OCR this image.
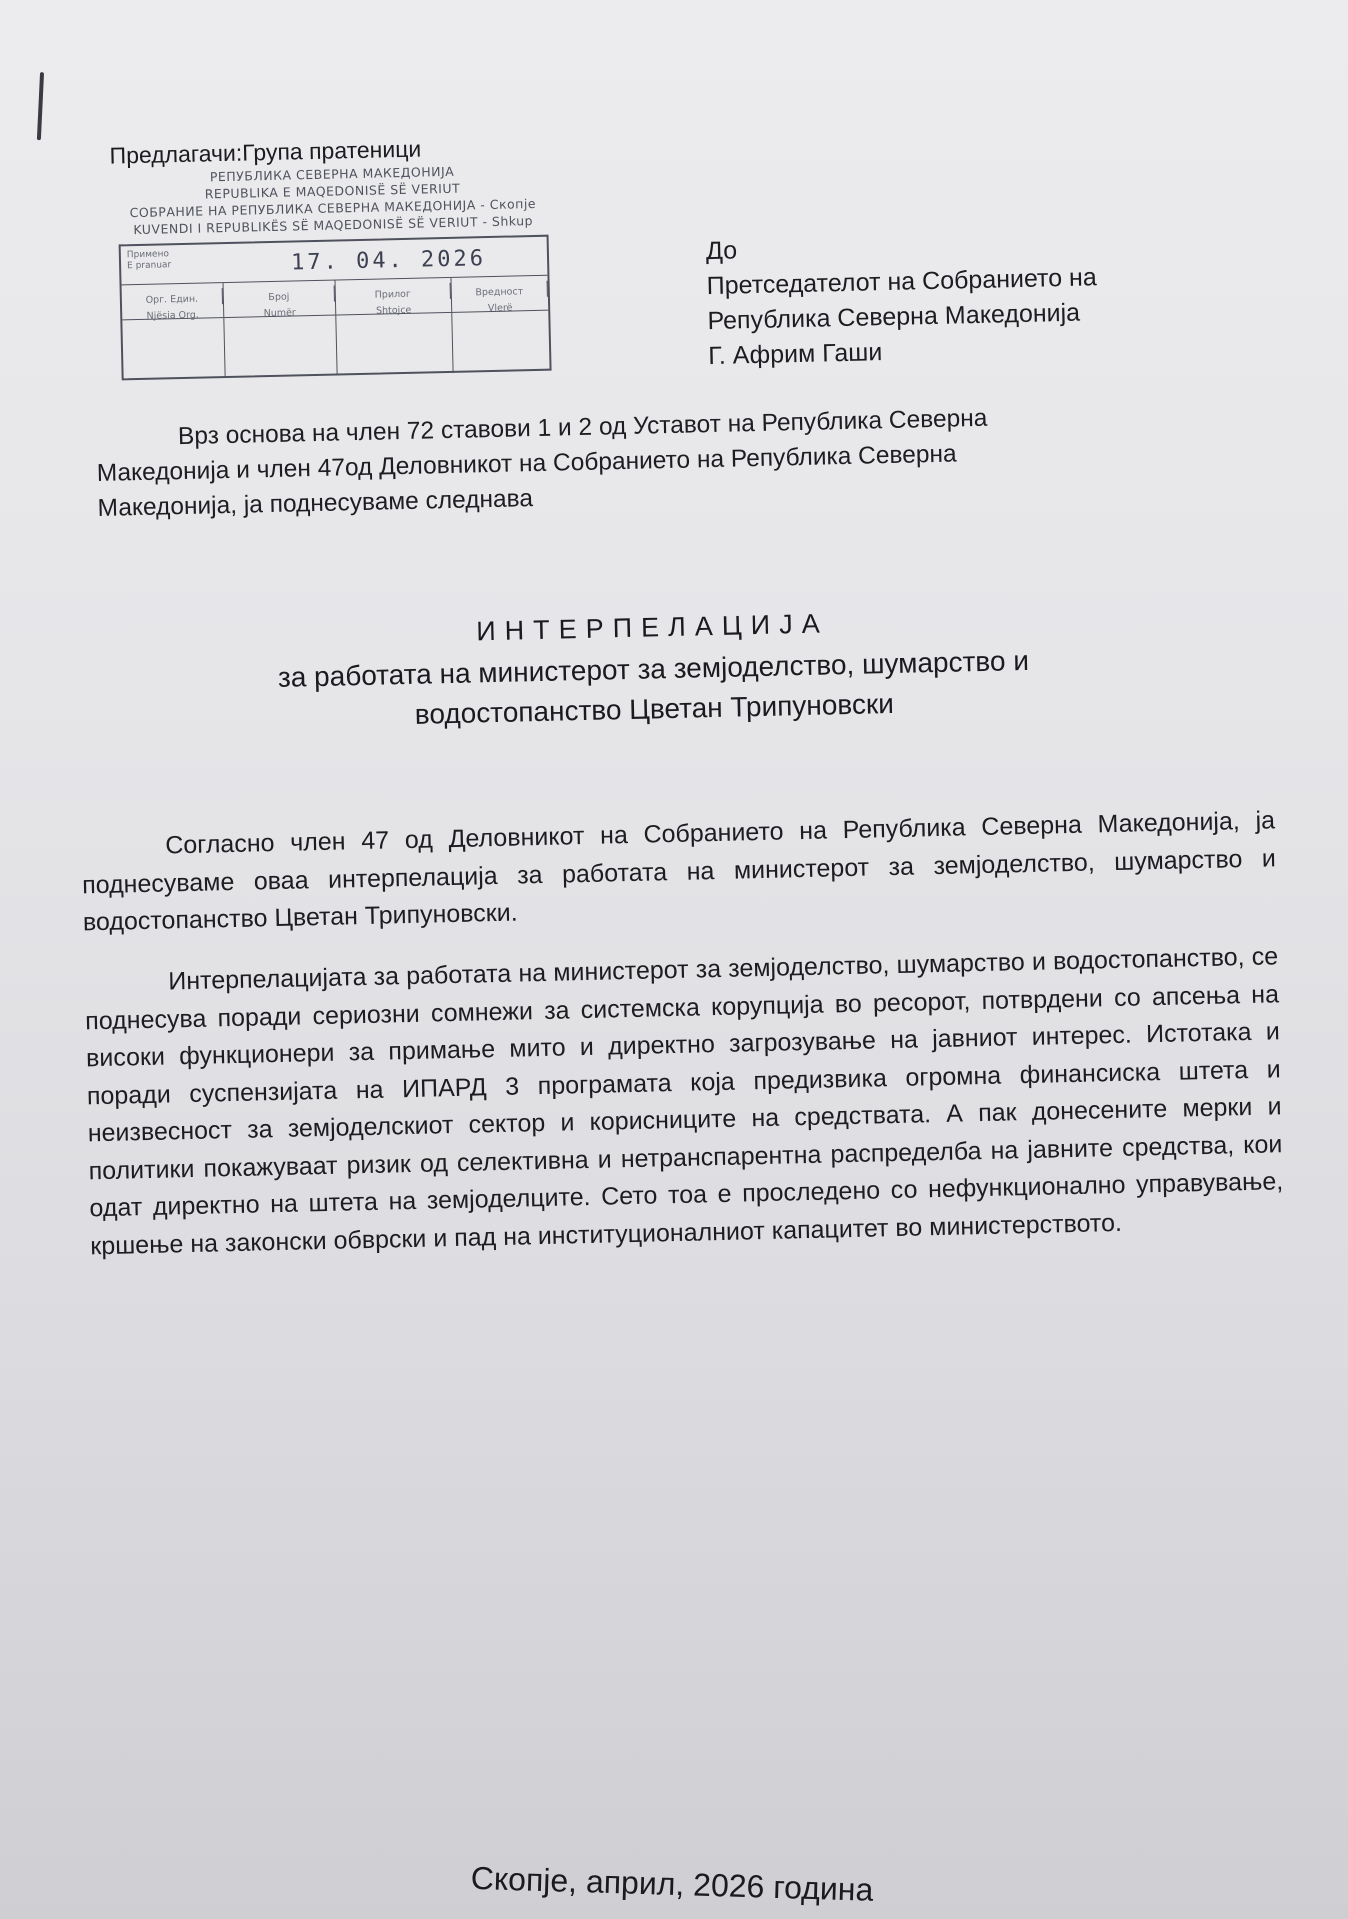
Предлагачи:Група пратеници
РЕПУБЛИКА СЕВЕРНА МАКЕДОНИЈА
REPUBLIKA E MAQEDONISË SË VERIUT
СОБРАНИЕ НА РЕПУБЛИКА СЕВЕРНА МАКЕДОНИЈА - Скопје
KUVENDI I REPUBLIKËS SË MAQEDONISË SË VERIUT - Shkup
Примено
E pranuar	17. 04. 2026
Орг. Един.
Njësia Org.
Број
Numër
Прилог
Shtojce
Вредност
Vlerë
До
Претседателот на Собранието на
Република Северна Македонија
Г. Африм Гаши
Врз основа на член 72 ставови 1 и 2 од Уставот на Република Северна
Македонија и член 47од Деловникот на Собранието на Република Северна
Македонија, ја поднесуваме следнава
ИНТЕРПЕЛАЦИЈА
за работата на министерот за земјоделство, шумарство и
водостопанство Цветан Трипуновски
Согласно член 47 од Деловникот на Собранието на Република Северна Македонија, ја поднесуваме оваа интерпелација за работата на министерот за земјоделство, шумарство и водостопанство Цветан Трипуновски.
Интерпелацијата за работата на министерот за земјоделство, шумарство и водостопанство, се поднесува поради сериозни сомнежи за системска корупција во ресорот, потврдени со апсења на високи функционери за примање мито и директно загрозување на јавниот интерес. Истотака и поради суспензијата на ИПАРД 3 програмата која предизвика огромна финансиска штета и неизвесност за земјоделскиот сектор и корисниците на средствата. А пак донесените мерки и политики покажуваат ризик од селективна и нетранспарентна распределба на јавните средства, кои одат директно на штета на земјоделците. Сето тоа е проследено со нефункционално управување, кршење на законски обврски и пад на институционалниот капацитет во министерството.
Скопје, април, 2026 година
